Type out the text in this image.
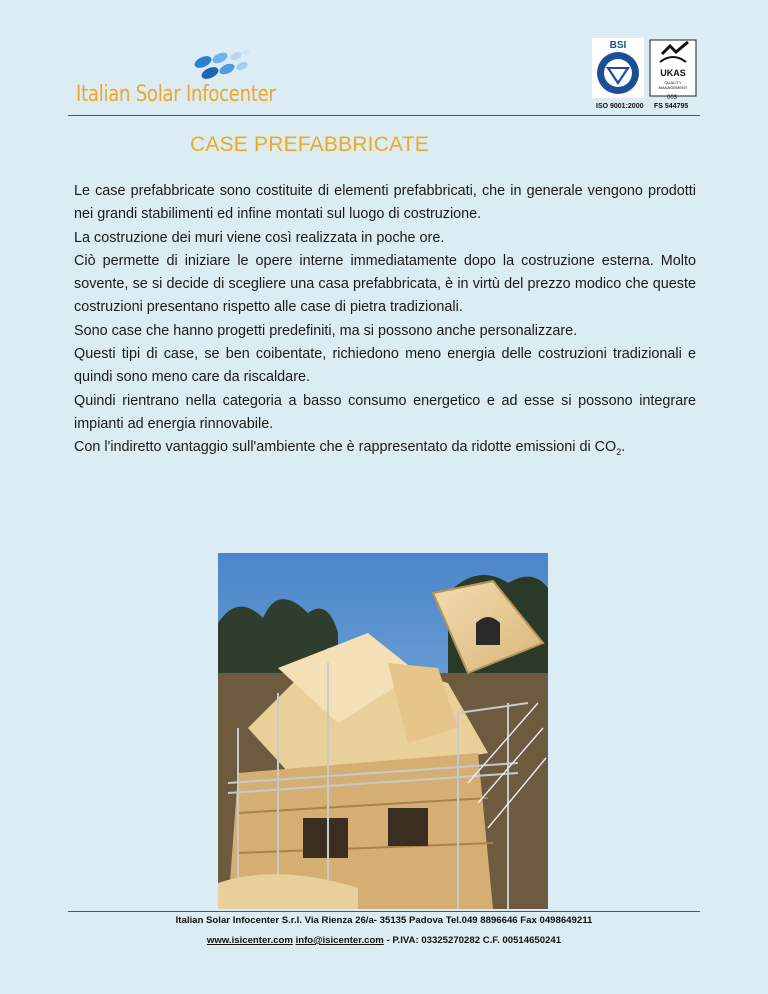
Italian Solar Infocenter
BSI
UKAS
QUALITY
MANAGEMENT
003
ISO 9001:2000 FS 544795
CASE PREFABBRICATE

Le case prefabbricate sono costituite di elementi prefabbricati, che in generale vengono prodotti nei grandi stabilimenti ed infine montati sul luogo di costruzione.

La costruzione dei muri viene così realizzata in poche ore.

Ciò permette di iniziare le opere interne immediatamente dopo la costruzione esterna. Molto sovente, se si decide di scegliere una casa prefabbricata, è in virtù del prezzo modico che queste costruzioni presentano rispetto alle case di pietra tradizionali.

Sono case che hanno progetti predefiniti, ma si possono anche personalizzare.

Questi tipi di case, se ben coibentate, richiedono meno energia delle costruzioni tradizionali e quindi sono meno care da riscaldare.

Quindi rientrano nella categoria a basso consumo energetico e ad esse si possono integrare impianti ad energia rinnovabile.

Con l'indiretto vantaggio sull'ambiente che è rappresentato da ridotte emissioni di $CO_2$.

Italian Solar Infocenter S.r.l. Via Rienza 26/a- 35135 Padova Tel.049 8896646 Fax 0498649211
www.isicenter.com info@isicenter.com - P.IVA: 03325270282 C.F. 00514650241
